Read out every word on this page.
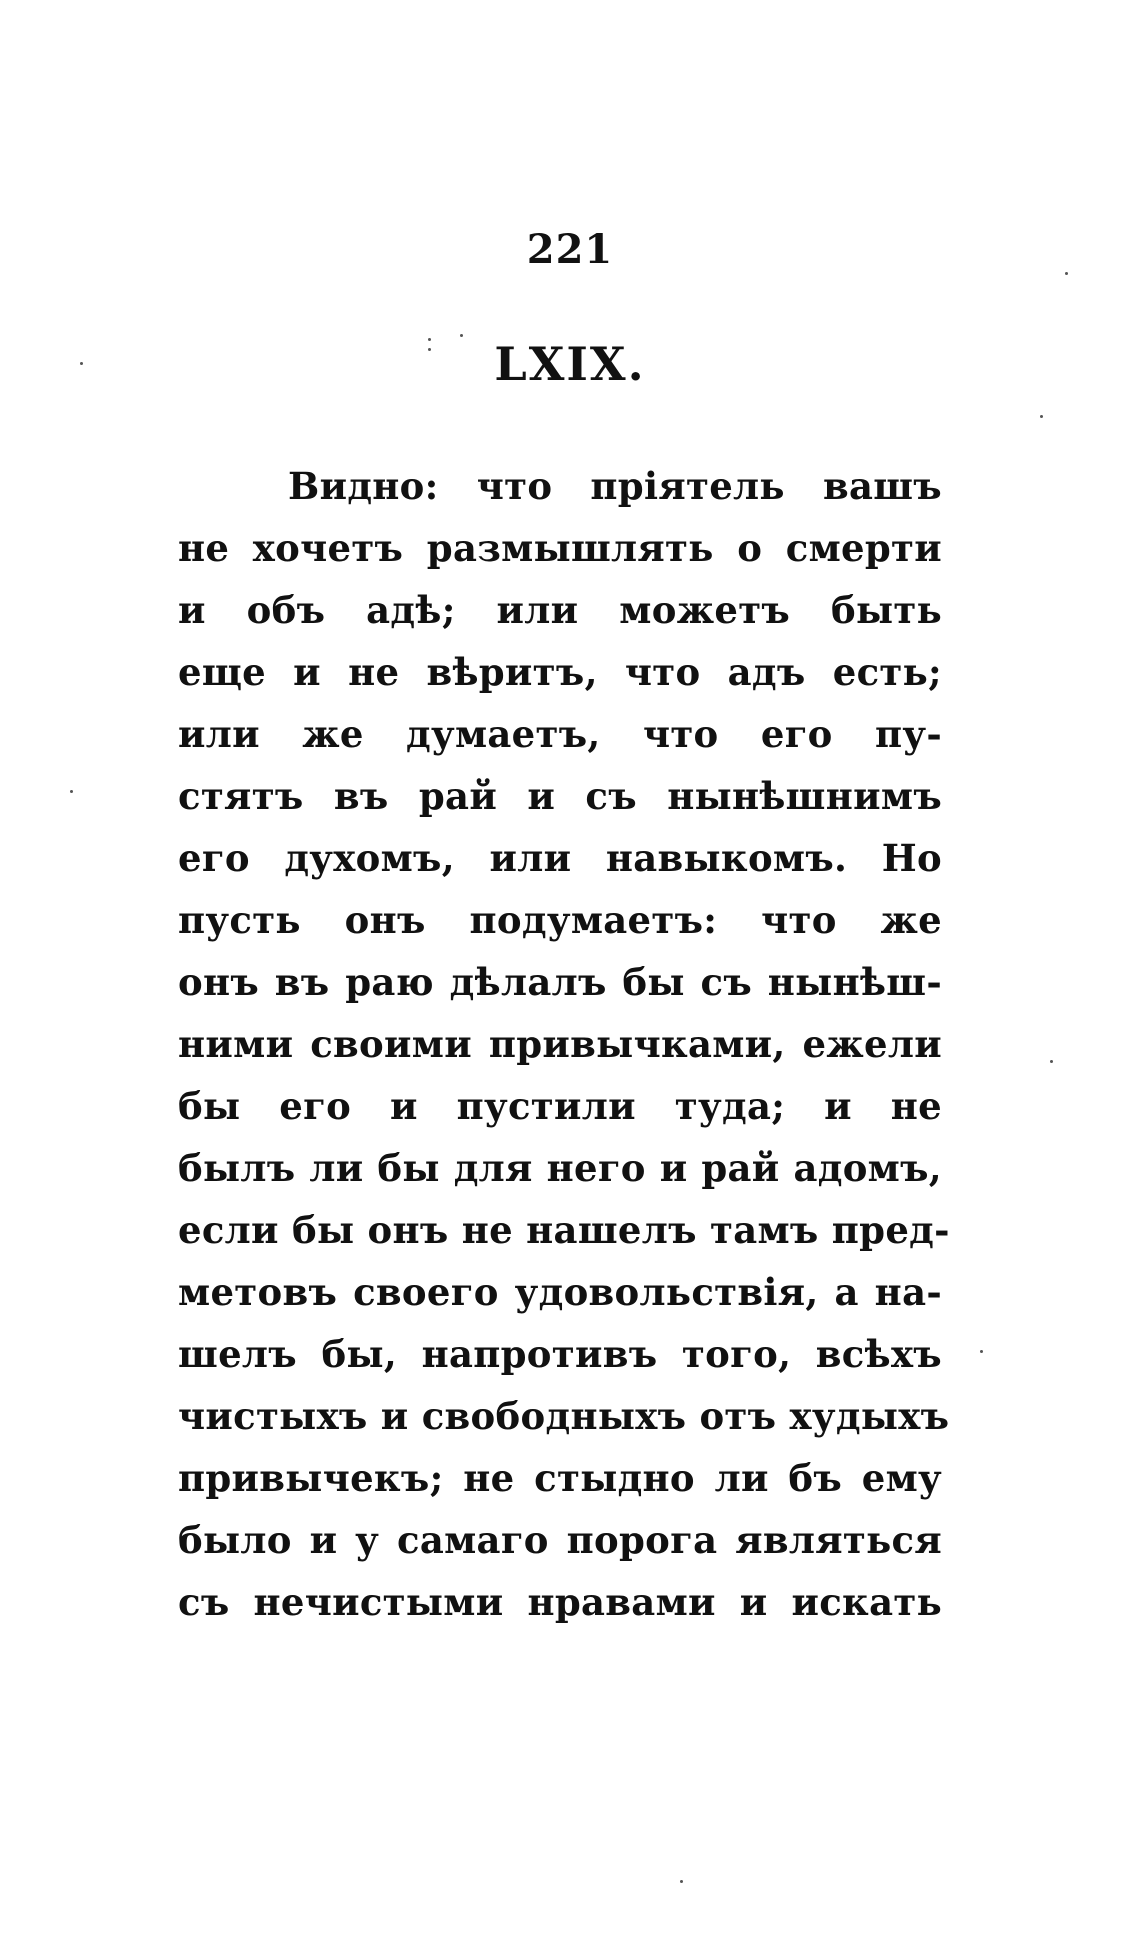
221
LXIX.
Видно: что пріятель вашъ
не хочетъ размышлять о смерти
и объ адѣ; или можетъ быть
еще и не вѣритъ, что адъ есть;
или же думаетъ, что его пу-
стятъ въ рай и съ нынѣшнимъ
его духомъ, или навыкомъ. Но
пусть онъ подумаетъ: что же
онъ въ раю дѣлалъ бы съ нынѣш-
ними своими привычками, ежели
бы его и пустили туда; и не
былъ ли бы для него и рай адомъ,
если бы онъ не нашелъ тамъ пред-
метовъ своего удовольствія, а на-
шелъ бы, напротивъ того, всѣхъ
чистыхъ и свободныхъ отъ худыхъ
привычекъ; не стыдно ли бъ ему
было и у самаго порога являться
съ нечистыми нравами и искать
